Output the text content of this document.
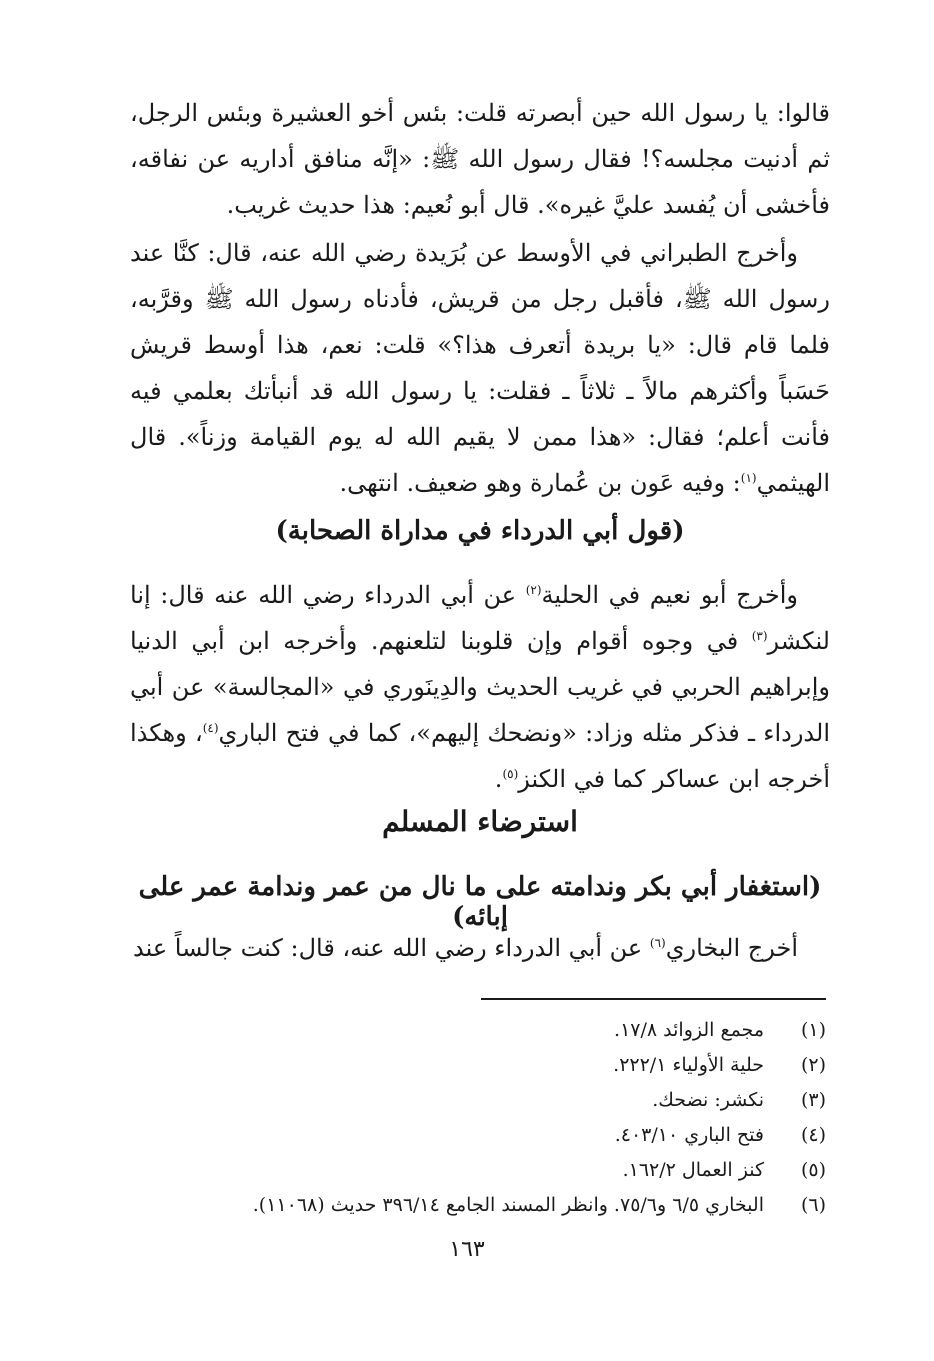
قالوا: يا رسول الله حين أبصرته قلت: بئس أخو العشيرة وبئس الرجل، ثم أدنيت مجلسه؟! فقال رسول الله ﷺ: «إنَّه منافق أداريه عن نفاقه، فأخشى أن يُفسد عليَّ غيره». قال أبو نُعيم: هذا حديث غريب.

وأخرج الطبراني في الأوسط عن بُرَيدة رضي الله عنه، قال: كنَّا عند رسول الله ﷺ، فأقبل رجل من قريش، فأدناه رسول الله ﷺ وقرَّبه، فلما قام قال: «يا بريدة أتعرف هذا؟» قلت: نعم، هذا أوسط قريش حَسَباً وأكثرهم مالاً ـ ثلاثاً ـ فقلت: يا رسول الله قد أنبأتك بعلمي فيه فأنت أعلم؛ فقال: «هذا ممن لا يقيم الله له يوم القيامة وزناً». قال الهيثمي$^{(١)}$: وفيه عَون بن عُمارة وهو ضعيف. انتهى.

(قول أبي الدرداء في مداراة الصحابة)

وأخرج أبو نعيم في الحلية$^{(٢)}$ عن أبي الدرداء رضي الله عنه قال: إنا لنكشر$^{(٣)}$ في وجوه أقوام وإن قلوبنا لتلعنهم. وأخرجه ابن أبي الدنيا وإبراهيم الحربي في غريب الحديث والدِينَوري في «المجالسة» عن أبي الدرداء ـ فذكر مثله وزاد: «ونضحك إليهم»، كما في فتح الباري$^{(٤)}$، وهكذا أخرجه ابن عساكر كما في الكنز$^{(٥)}$.

استرضاء المسلم
(استغفار أبي بكر وندامته على ما نال من عمر وندامة عمر على إبائه)

أخرج البخاري$^{(٦)}$ عن أبي الدرداء رضي الله عنه، قال: كنت جالساً عند

(١)
مجمع الزوائد ١٧/٨.
(٢)
حلية الأولياء ٢٢٢/١.
(٣)
نكشر: نضحك.
(٤)
فتح الباري ٤٠٣/١٠.
(٥)
كنز العمال ١٦٢/٢.
(٦)
البخاري ٦/٥ و٧٥/٦. وانظر المسند الجامع ٣٩٦/١٤ حديث (١١٠٦٨).
١٦٣
